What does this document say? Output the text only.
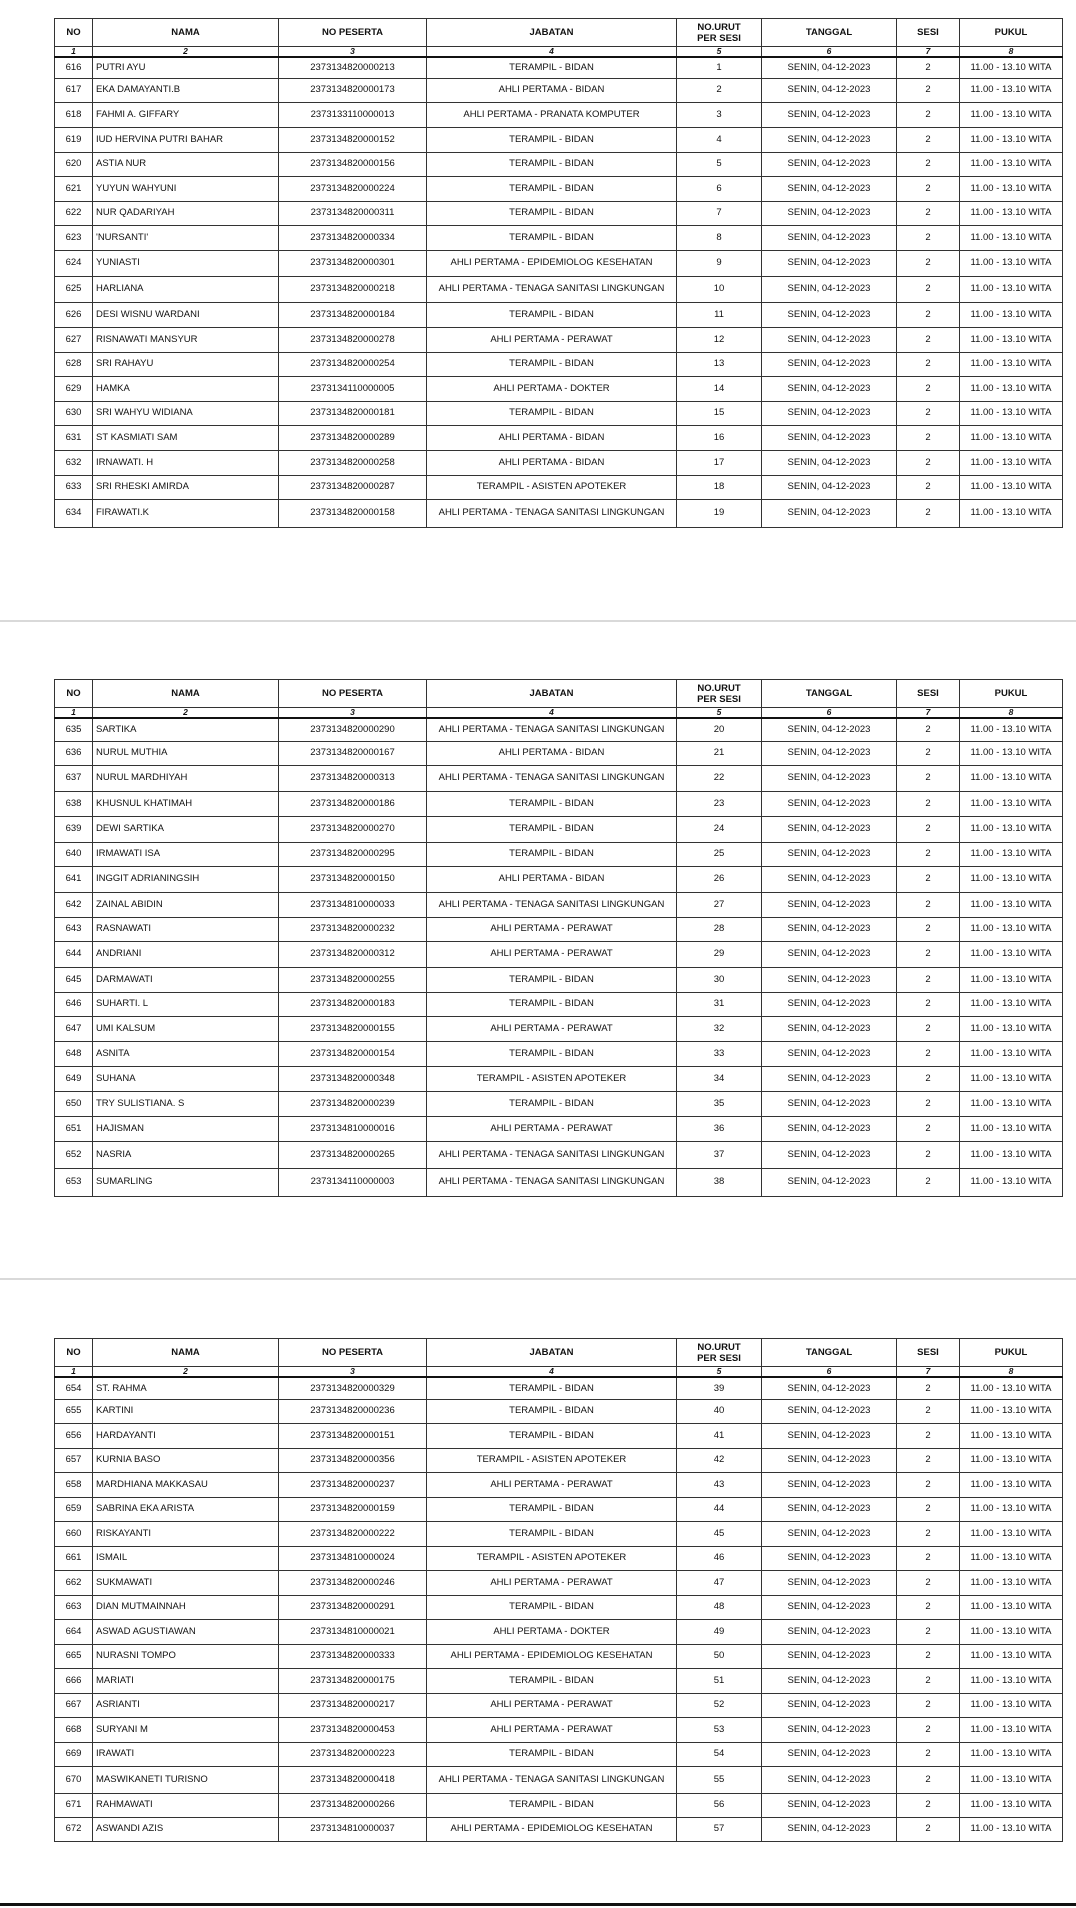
NO	NAMA	NO PESERTA	JABATAN	NO.URUT
PER SESI	TANGGAL	SESI	PUKUL
1	2	3	4	5	6	7	8
616	PUTRI AYU	2373134820000213	TERAMPIL - BIDAN	1	SENIN, 04-12-2023	2	11.00 - 13.10 WITA
617	EKA DAMAYANTI.B	2373134820000173	AHLI PERTAMA - BIDAN	2	SENIN, 04-12-2023	2	11.00 - 13.10 WITA
618	FAHMI A. GIFFARY	2373133110000013	AHLI PERTAMA - PRANATA KOMPUTER	3	SENIN, 04-12-2023	2	11.00 - 13.10 WITA
619	IUD HERVINA PUTRI BAHAR	2373134820000152	TERAMPIL - BIDAN	4	SENIN, 04-12-2023	2	11.00 - 13.10 WITA
620	ASTIA NUR	2373134820000156	TERAMPIL - BIDAN	5	SENIN, 04-12-2023	2	11.00 - 13.10 WITA
621	YUYUN WAHYUNI	2373134820000224	TERAMPIL - BIDAN	6	SENIN, 04-12-2023	2	11.00 - 13.10 WITA
622	NUR QADARIYAH	2373134820000311	TERAMPIL - BIDAN	7	SENIN, 04-12-2023	2	11.00 - 13.10 WITA
623	'NURSANTI'	2373134820000334	TERAMPIL - BIDAN	8	SENIN, 04-12-2023	2	11.00 - 13.10 WITA
624	YUNIASTI	2373134820000301	AHLI PERTAMA - EPIDEMIOLOG KESEHATAN	9	SENIN, 04-12-2023	2	11.00 - 13.10 WITA
625	HARLIANA	2373134820000218	AHLI PERTAMA - TENAGA SANITASI LINGKUNGAN	10	SENIN, 04-12-2023	2	11.00 - 13.10 WITA
626	DESI WISNU WARDANI	2373134820000184	TERAMPIL - BIDAN	11	SENIN, 04-12-2023	2	11.00 - 13.10 WITA
627	RISNAWATI MANSYUR	2373134820000278	AHLI PERTAMA - PERAWAT	12	SENIN, 04-12-2023	2	11.00 - 13.10 WITA
628	SRI RAHAYU	2373134820000254	TERAMPIL - BIDAN	13	SENIN, 04-12-2023	2	11.00 - 13.10 WITA
629	HAMKA	2373134110000005	AHLI PERTAMA - DOKTER	14	SENIN, 04-12-2023	2	11.00 - 13.10 WITA
630	SRI WAHYU WIDIANA	2373134820000181	TERAMPIL - BIDAN	15	SENIN, 04-12-2023	2	11.00 - 13.10 WITA
631	ST KASMIATI SAM	2373134820000289	AHLI PERTAMA - BIDAN	16	SENIN, 04-12-2023	2	11.00 - 13.10 WITA
632	IRNAWATI. H	2373134820000258	AHLI PERTAMA - BIDAN	17	SENIN, 04-12-2023	2	11.00 - 13.10 WITA
633	SRI RHESKI AMIRDA	2373134820000287	TERAMPIL - ASISTEN APOTEKER	18	SENIN, 04-12-2023	2	11.00 - 13.10 WITA
634	FIRAWATI.K	2373134820000158	AHLI PERTAMA - TENAGA SANITASI LINGKUNGAN	19	SENIN, 04-12-2023	2	11.00 - 13.10 WITA
NO	NAMA	NO PESERTA	JABATAN	NO.URUT
PER SESI	TANGGAL	SESI	PUKUL
1	2	3	4	5	6	7	8
635	SARTIKA	2373134820000290	AHLI PERTAMA - TENAGA SANITASI LINGKUNGAN	20	SENIN, 04-12-2023	2	11.00 - 13.10 WITA
636	NURUL MUTHIA	2373134820000167	AHLI PERTAMA - BIDAN	21	SENIN, 04-12-2023	2	11.00 - 13.10 WITA
637	NURUL MARDHIYAH	2373134820000313	AHLI PERTAMA - TENAGA SANITASI LINGKUNGAN	22	SENIN, 04-12-2023	2	11.00 - 13.10 WITA
638	KHUSNUL KHATIMAH	2373134820000186	TERAMPIL - BIDAN	23	SENIN, 04-12-2023	2	11.00 - 13.10 WITA
639	DEWI SARTIKA	2373134820000270	TERAMPIL - BIDAN	24	SENIN, 04-12-2023	2	11.00 - 13.10 WITA
640	IRMAWATI ISA	2373134820000295	TERAMPIL - BIDAN	25	SENIN, 04-12-2023	2	11.00 - 13.10 WITA
641	INGGIT ADRIANINGSIH	2373134820000150	AHLI PERTAMA - BIDAN	26	SENIN, 04-12-2023	2	11.00 - 13.10 WITA
642	ZAINAL ABIDIN	2373134810000033	AHLI PERTAMA - TENAGA SANITASI LINGKUNGAN	27	SENIN, 04-12-2023	2	11.00 - 13.10 WITA
643	RASNAWATI	2373134820000232	AHLI PERTAMA - PERAWAT	28	SENIN, 04-12-2023	2	11.00 - 13.10 WITA
644	ANDRIANI	2373134820000312	AHLI PERTAMA - PERAWAT	29	SENIN, 04-12-2023	2	11.00 - 13.10 WITA
645	DARMAWATI	2373134820000255	TERAMPIL - BIDAN	30	SENIN, 04-12-2023	2	11.00 - 13.10 WITA
646	SUHARTI. L	2373134820000183	TERAMPIL - BIDAN	31	SENIN, 04-12-2023	2	11.00 - 13.10 WITA
647	UMI KALSUM	2373134820000155	AHLI PERTAMA - PERAWAT	32	SENIN, 04-12-2023	2	11.00 - 13.10 WITA
648	ASNITA	2373134820000154	TERAMPIL - BIDAN	33	SENIN, 04-12-2023	2	11.00 - 13.10 WITA
649	SUHANA	2373134820000348	TERAMPIL - ASISTEN APOTEKER	34	SENIN, 04-12-2023	2	11.00 - 13.10 WITA
650	TRY SULISTIANA. S	2373134820000239	TERAMPIL - BIDAN	35	SENIN, 04-12-2023	2	11.00 - 13.10 WITA
651	HAJISMAN	2373134810000016	AHLI PERTAMA - PERAWAT	36	SENIN, 04-12-2023	2	11.00 - 13.10 WITA
652	NASRIA	2373134820000265	AHLI PERTAMA - TENAGA SANITASI LINGKUNGAN	37	SENIN, 04-12-2023	2	11.00 - 13.10 WITA
653	SUMARLING	2373134110000003	AHLI PERTAMA - TENAGA SANITASI LINGKUNGAN	38	SENIN, 04-12-2023	2	11.00 - 13.10 WITA
NO	NAMA	NO PESERTA	JABATAN	NO.URUT
PER SESI	TANGGAL	SESI	PUKUL
1	2	3	4	5	6	7	8
654	ST. RAHMA	2373134820000329	TERAMPIL - BIDAN	39	SENIN, 04-12-2023	2	11.00 - 13.10 WITA
655	KARTINI	2373134820000236	TERAMPIL - BIDAN	40	SENIN, 04-12-2023	2	11.00 - 13.10 WITA
656	HARDAYANTI	2373134820000151	TERAMPIL - BIDAN	41	SENIN, 04-12-2023	2	11.00 - 13.10 WITA
657	KURNIA BASO	2373134820000356	TERAMPIL - ASISTEN APOTEKER	42	SENIN, 04-12-2023	2	11.00 - 13.10 WITA
658	MARDHIANA MAKKASAU	2373134820000237	AHLI PERTAMA - PERAWAT	43	SENIN, 04-12-2023	2	11.00 - 13.10 WITA
659	SABRINA EKA ARISTA	2373134820000159	TERAMPIL - BIDAN	44	SENIN, 04-12-2023	2	11.00 - 13.10 WITA
660	RISKAYANTI	2373134820000222	TERAMPIL - BIDAN	45	SENIN, 04-12-2023	2	11.00 - 13.10 WITA
661	ISMAIL	2373134810000024	TERAMPIL - ASISTEN APOTEKER	46	SENIN, 04-12-2023	2	11.00 - 13.10 WITA
662	SUKMAWATI	2373134820000246	AHLI PERTAMA - PERAWAT	47	SENIN, 04-12-2023	2	11.00 - 13.10 WITA
663	DIAN MUTMAINNAH	2373134820000291	TERAMPIL - BIDAN	48	SENIN, 04-12-2023	2	11.00 - 13.10 WITA
664	ASWAD AGUSTIAWAN	2373134810000021	AHLI PERTAMA - DOKTER	49	SENIN, 04-12-2023	2	11.00 - 13.10 WITA
665	NURASNI TOMPO	2373134820000333	AHLI PERTAMA - EPIDEMIOLOG KESEHATAN	50	SENIN, 04-12-2023	2	11.00 - 13.10 WITA
666	MARIATI	2373134820000175	TERAMPIL - BIDAN	51	SENIN, 04-12-2023	2	11.00 - 13.10 WITA
667	ASRIANTI	2373134820000217	AHLI PERTAMA - PERAWAT	52	SENIN, 04-12-2023	2	11.00 - 13.10 WITA
668	SURYANI M	2373134820000453	AHLI PERTAMA - PERAWAT	53	SENIN, 04-12-2023	2	11.00 - 13.10 WITA
669	IRAWATI	2373134820000223	TERAMPIL - BIDAN	54	SENIN, 04-12-2023	2	11.00 - 13.10 WITA
670	MASWIKANETI TURISNO	2373134820000418	AHLI PERTAMA - TENAGA SANITASI LINGKUNGAN	55	SENIN, 04-12-2023	2	11.00 - 13.10 WITA
671	RAHMAWATI	2373134820000266	TERAMPIL - BIDAN	56	SENIN, 04-12-2023	2	11.00 - 13.10 WITA
672	ASWANDI AZIS	2373134810000037	AHLI PERTAMA - EPIDEMIOLOG KESEHATAN	57	SENIN, 04-12-2023	2	11.00 - 13.10 WITA
